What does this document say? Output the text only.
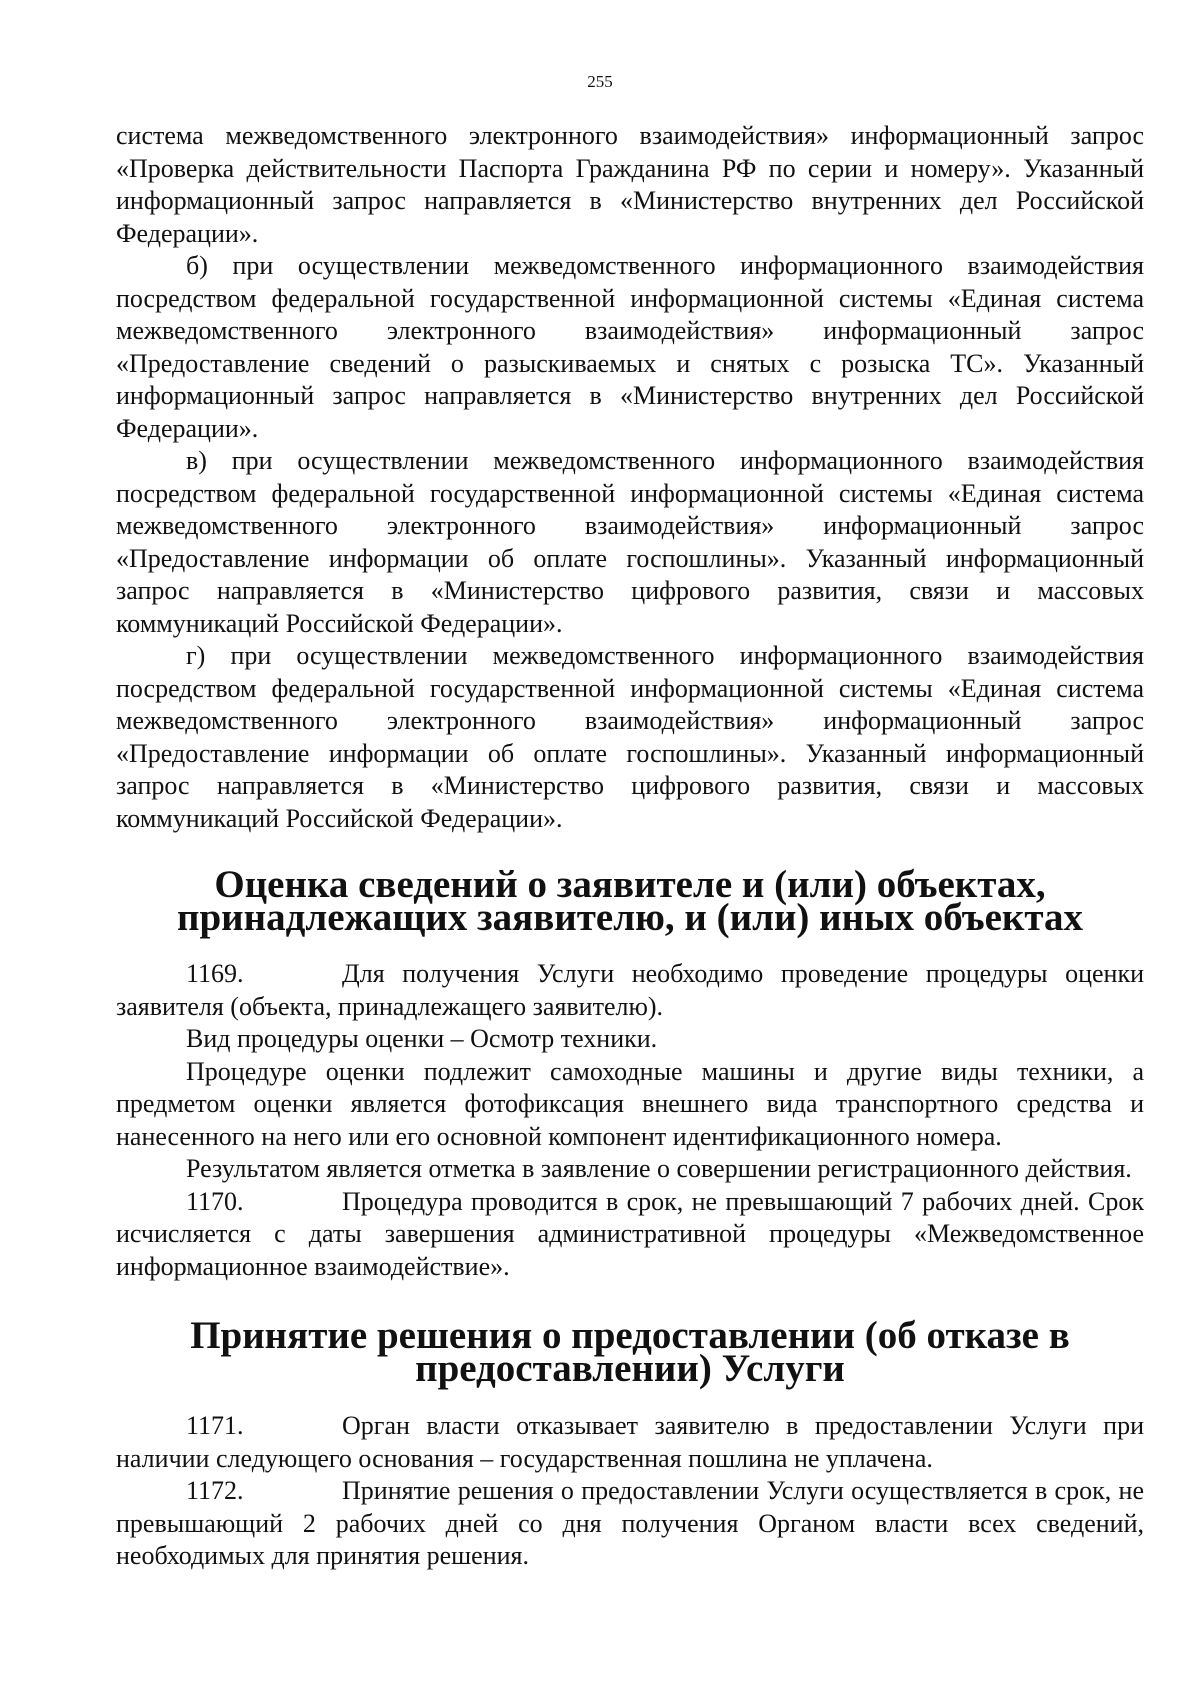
255

система межведомственного электронного взаимодействия» информационный запрос «Проверка действительности Паспорта Гражданина РФ по серии и номеру». Указанный информационный запрос направляется в «Министерство внутренних дел Российской Федерации».

б) при осуществлении межведомственного информационного взаимодействия посредством федеральной государственной информационной системы «Единая система межведомственного электронного взаимодействия» информационный запрос «Предоставление сведений о разыскиваемых и снятых с розыска ТС». Указанный информационный запрос направляется в «Министерство внутренних дел Российской Федерации».

в) при осуществлении межведомственного информационного взаимодействия посредством федеральной государственной информационной системы «Единая система межведомственного электронного взаимодействия» информационный запрос «Предоставление информации об оплате госпошлины». Указанный информационный запрос направляется в «Министерство цифрового развития, связи и массовых коммуникаций Российской Федерации».

г) при осуществлении межведомственного информационного взаимодействия посредством федеральной государственной информационной системы «Единая система межведомственного электронного взаимодействия» информационный запрос «Предоставление информации об оплате госпошлины». Указанный информационный запрос направляется в «Министерство цифрового развития, связи и массовых коммуникаций Российской Федерации».

Оценка сведений о заявителе и (или) объектах, принадлежащих заявителю, и (или) иных объектах

1169.	Для получения Услуги необходимо проведение процедуры оценки заявителя (объекта, принадлежащего заявителю).

Вид процедуры оценки – Осмотр техники.

Процедуре оценки подлежит самоходные машины и другие виды техники, а предметом оценки является фотофиксация внешнего вида транспортного средства и нанесенного на него или его основной компонент идентификационного номера.

Результатом является отметка в заявление о совершении регистрационного действия.

1170.	Процедура проводится в срок, не превышающий 7 рабочих дней. Срок исчисляется с даты завершения административной процедуры «Межведомственное информационное взаимодействие».

Принятие решения о предоставлении (об отказе в предоставлении) Услуги

1171.	Орган власти отказывает заявителю в предоставлении Услуги при наличии следующего основания – государственная пошлина не уплачена.

1172.	Принятие решения о предоставлении Услуги осуществляется в срок, не превышающий 2 рабочих дней со дня получения Органом власти всех сведений, необходимых для принятия решения.
